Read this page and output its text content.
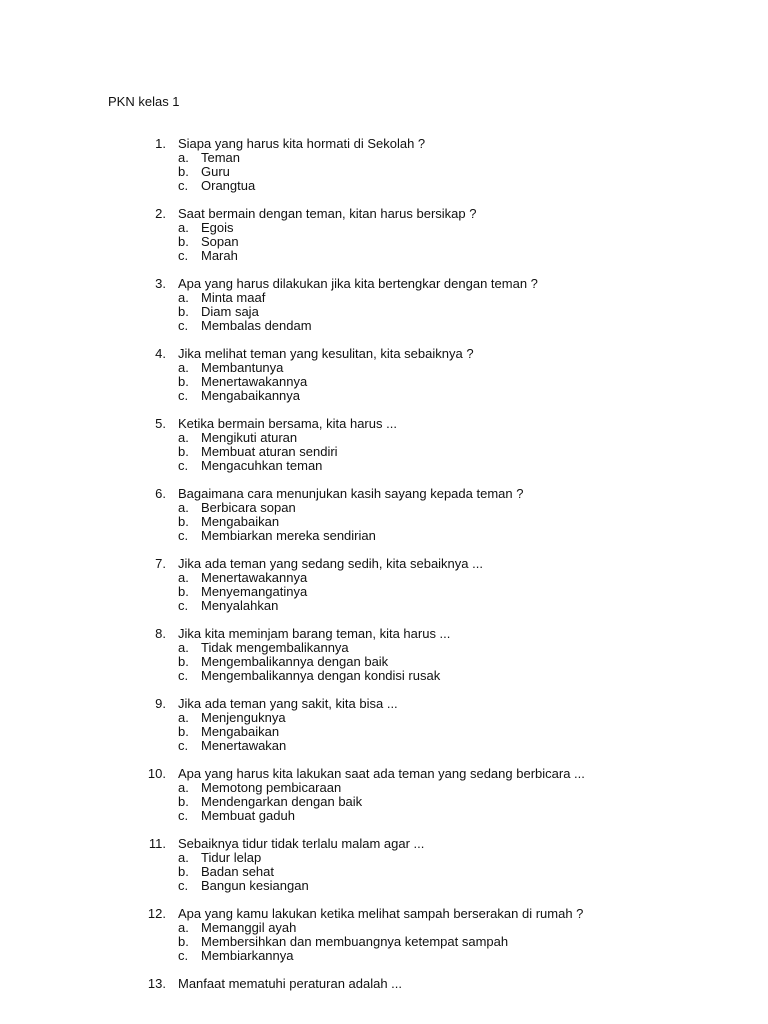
PKN kelas 1
1. Siapa yang harus kita hormati di Sekolah ?
a. Teman
b. Guru
c. Orangtua
2. Saat bermain dengan teman, kitan harus bersikap ?
a. Egois
b. Sopan
c. Marah
3. Apa yang harus dilakukan jika kita bertengkar dengan teman ?
a. Minta maaf
b. Diam saja
c. Membalas dendam
4. Jika melihat teman yang kesulitan, kita sebaiknya ?
a. Membantunya
b. Menertawakannya
c. Mengabaikannya
5. Ketika bermain bersama, kita harus ...
a. Mengikuti aturan
b. Membuat aturan sendiri
c. Mengacuhkan teman
6. Bagaimana cara menunjukan kasih sayang kepada teman ?
a. Berbicara sopan
b. Mengabaikan
c. Membiarkan mereka sendirian
7. Jika ada teman yang sedang sedih, kita sebaiknya ...
a. Menertawakannya
b. Menyemangatinya
c. Menyalahkan
8. Jika kita meminjam barang teman, kita harus ...
a. Tidak mengembalikannya
b. Mengembalikannya dengan baik
c. Mengembalikannya dengan kondisi rusak
9. Jika ada teman yang sakit, kita bisa ...
a. Menjenguknya
b. Mengabaikan
c. Menertawakan
10. Apa yang harus kita lakukan saat ada teman yang sedang berbicara ...
a. Memotong pembicaraan
b. Mendengarkan dengan baik
c. Membuat gaduh
11. Sebaiknya tidur tidak terlalu malam agar ...
a. Tidur lelap
b. Badan sehat
c. Bangun kesiangan
12. Apa yang kamu lakukan ketika melihat sampah berserakan di rumah ?
a. Memanggil ayah
b. Membersihkan dan membuangnya ketempat sampah
c. Membiarkannya
13. Manfaat mematuhi peraturan adalah ...
